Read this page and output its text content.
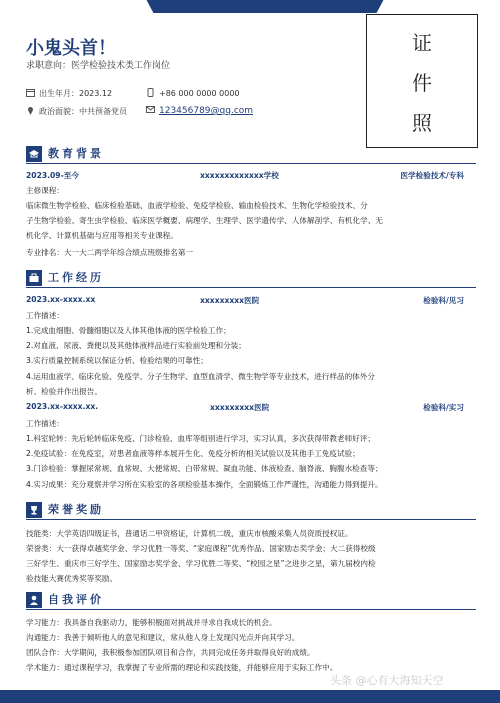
小鬼头首！
求职意向：医学检验技术类工作岗位
出生年月：2023.12	+86 000 0000 0000
政治面貌：中共预备党员	123456789@qq.com
证
件
照
教育背景
2023.09-至今	xxxxxxxxxxxxx学校	医学检验技术/专科
主修课程：
临床微生物学检验、临床检验基础、血液学检验、免疫学检验、输血检验技术、生物化学检验技术、分
子生物学检验、寄生虫学检验、临床医学概要、病理学、生理学、医学遗传学、人体解剖学、有机化学、无
机化学、计算机基础与应用等相关专业课程。
专业排名：大一大二两学年综合绩点班级排名第一
工作经历
2023.xx-xxxx.xx	xxxxxxxxx医院	检验科/见习
工作描述：
1.完成血细胞、骨髓细胞以及人体其他体液的医学检验工作；
2.对血液、尿液、粪便以及其他体液样品进行实验前处理和分装；
3.实行质量控制系统以保证分析、检验结果的可靠性；
4.运用血液学、临床化验、免疫学、分子生物学、血型血清学、微生物学等专业技术，进行样品的体外分
析、检验并作出报告。
2023.xx-xxxx.xx.	xxxxxxxxx医院	检验科/实习
工作描述：
1.科室轮转：先后轮转临床免疫、门诊检验、血库等组别进行学习，实习认真，多次获得带教老师好评；
2.免疫试验：在免疫室，对患者血液等样本展开生化、免疫分析的相关试验以及其他手工免疫试验；
3.门诊检验：掌握尿常规、血常规、大便常规、白带常规、凝血功能、体液检查、脑脊液、胸腹水检查等；
4.实习成果：充分观察并学习所在实验室的各项检验基本操作，全面锻炼工作严谨性，沟通能力得到提升。
荣誉奖励
技能类：大学英语四级证书，普通话二甲资格证，计算机二级，重庆市核酸采集人员资质授权证。
荣誉类：大一获得卓越奖学金、学习优胜一等奖、“家庭课程”优秀作品、国家励志奖学金；大二获得校级
三好学生、重庆市三好学生、国家励志奖学金、学习优胜二等奖、“校园之星”之进步之星，第九届校内检
验技能大赛优秀奖等奖励。
自我评价
学习能力：我具备自我驱动力，能够积极面对挑战并寻求自我成长的机会。
沟通能力：我善于倾听他人的意见和建议，常从他人身上发现闪光点并向其学习。
团队合作：大学期间，我积极参加团队项目和合作，共同完成任务并取得良好的成绩。
学术能力：通过课程学习，我掌握了专业所需的理论和实践技能，并能够应用于实际工作中。
头条 @心有大海知天空
